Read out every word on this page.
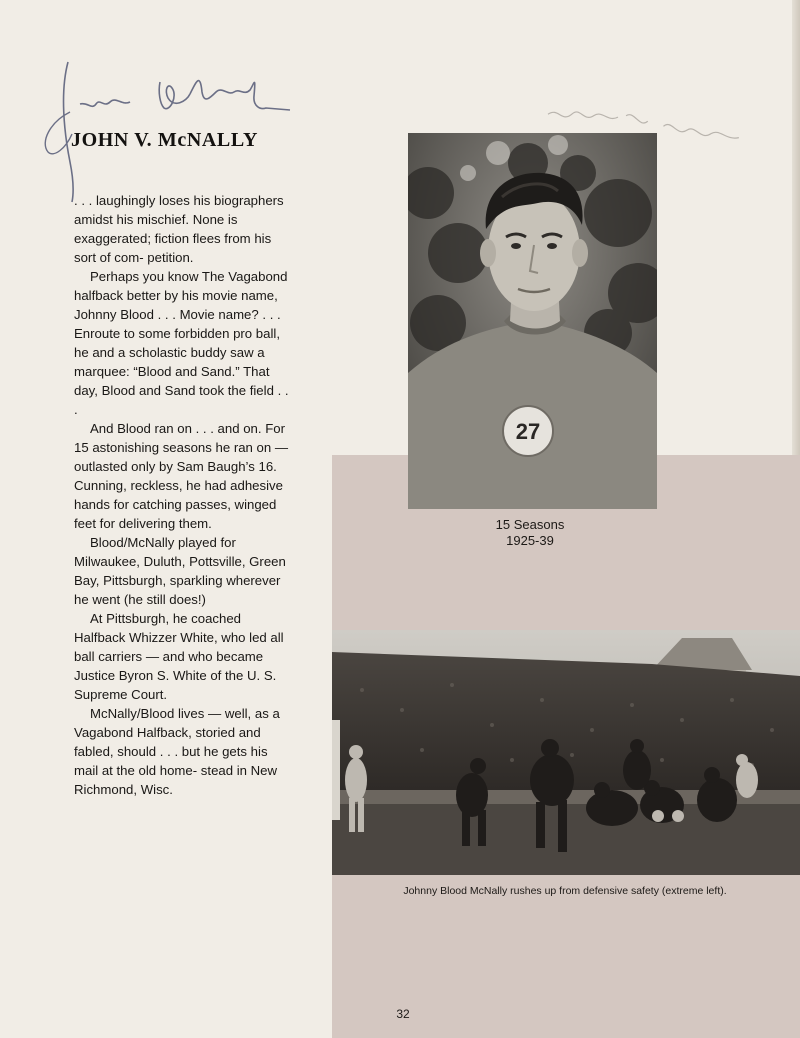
JOHN V. McNALLY

. . . laughingly loses his biographers amidst his mischief. None is exaggerated; fiction flees from his sort of com- petition.

Perhaps you know The Vagabond halfback better by his movie name, Johnny Blood . . . Movie name? . . . Enroute to some forbidden pro ball, he and a scholastic buddy saw a marquee: “Blood and Sand.” That day, Blood and Sand took the field . . .

And Blood ran on . . . and on. For 15 astonishing seasons he ran on — outlasted only by Sam Baugh’s 16. Cunning, reckless, he had adhesive hands for catching passes, winged feet for delivering them.

Blood/McNally played for Milwaukee, Duluth, Pottsville, Green Bay, Pittsburgh, sparkling wherever he went (he still does!)

At Pittsburgh, he coached Halfback Whizzer White, who led all ball carriers — and who became Justice Byron S. White of the U. S. Supreme Court.

McNally/Blood lives — well, as a Vagabond Halfback, storied and fabled, should . . . but he gets his mail at the old home- stead in New Richmond, Wisc.

27
15 Seasons
1925-39
Johnny Blood McNally rushes up from defensive safety (extreme left).
32
